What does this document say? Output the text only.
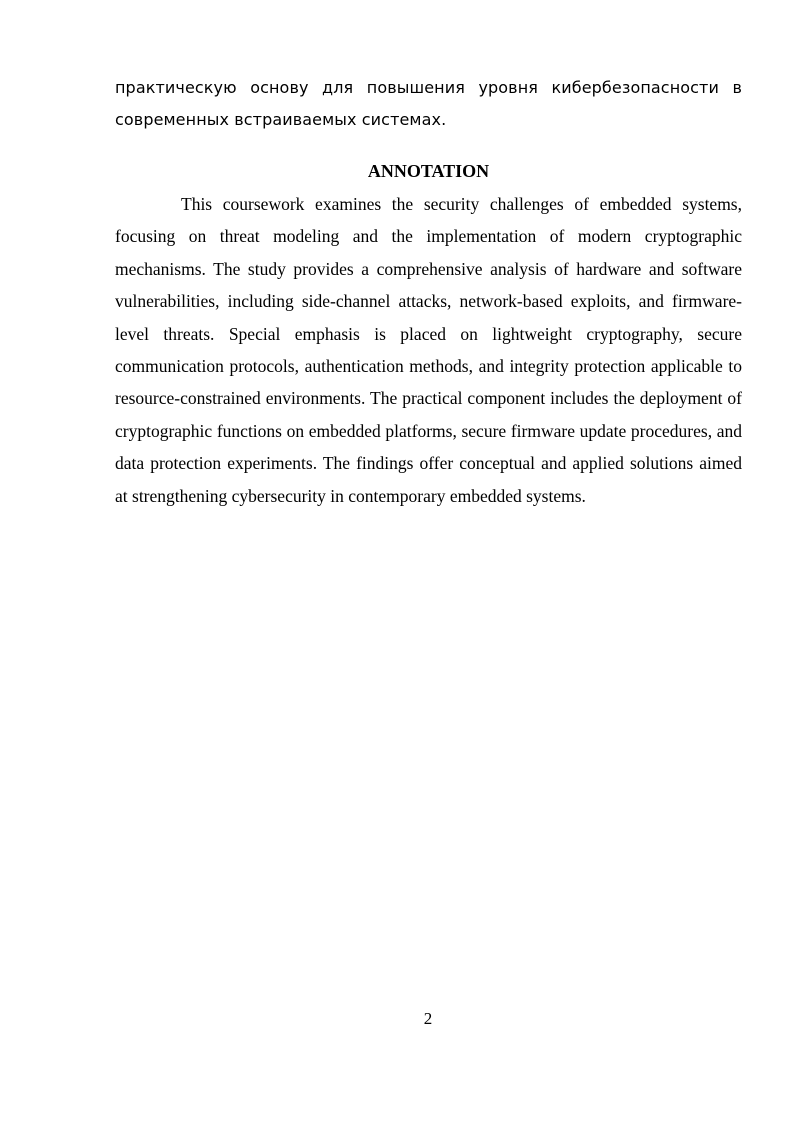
практическую основу для повышения уровня кибербезопасности в современных встраиваемых системах.

ANNOTATION

This coursework examines the security challenges of embedded systems, focusing on threat modeling and the implementation of modern cryptographic mechanisms. The study provides a comprehensive analysis of hardware and software vulnerabilities, including side-channel attacks, network-based exploits, and firmware-level threats. Special emphasis is placed on lightweight cryptography, secure communication protocols, authentication methods, and integrity protection applicable to resource-constrained environments. The practical component includes the deployment of cryptographic functions on embedded platforms, secure firmware update procedures, and data protection experiments. The findings offer conceptual and applied solutions aimed at strengthening cybersecurity in contemporary embedded systems.

2
